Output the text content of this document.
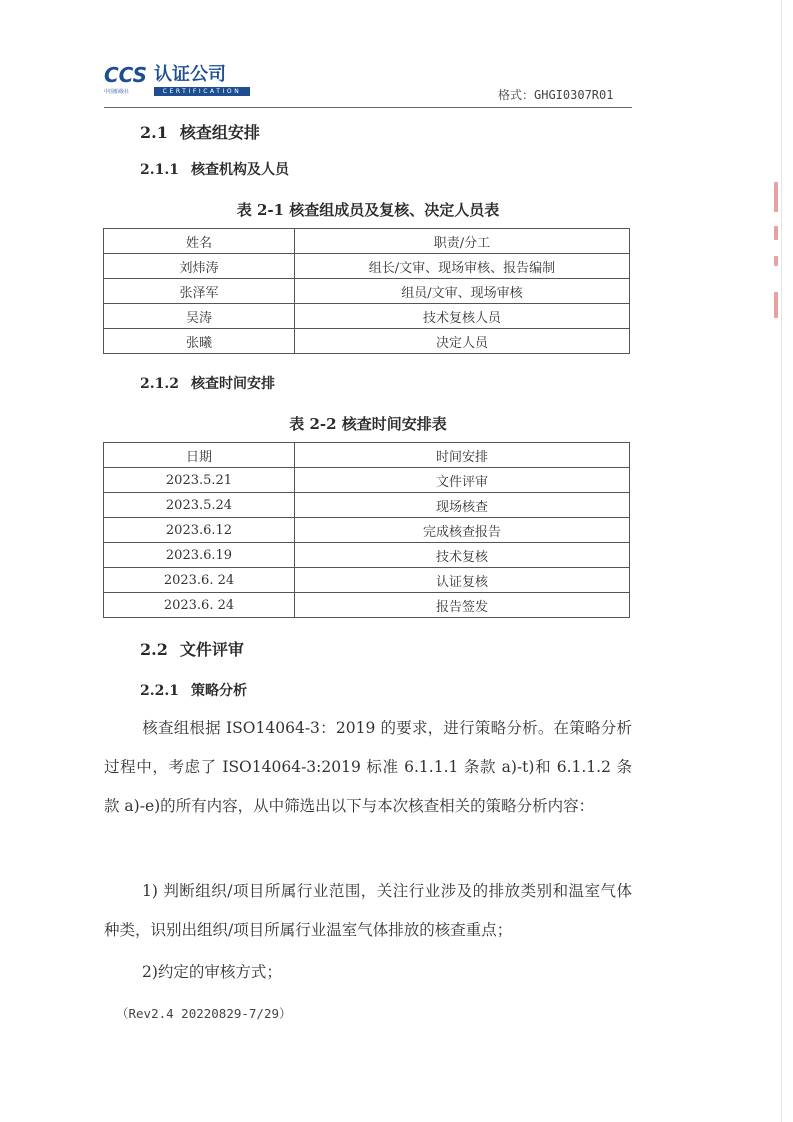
CCS 认证公司
中国船级社	CERTIFICATION	格式：GHGI0307R01
2.1 核查组安排
2.1.1 核查机构及人员
表 2-1 核查组成员及复核、决定人员表
姓名	职责/分工
刘炜涛	组长/文审、现场审核、报告编制
张泽军	组员/文审、现场审核
吴涛	技术复核人员
张曦	决定人员
2.1.2 核查时间安排
表 2-2 核查时间安排表
日期	时间安排
2023.5.21	文件评审
2023.5.24	现场核查
2023.6.12	完成核查报告
2023.6.19	技术复核
2023.6. 24	认证复核
2023.6. 24	报告签发
2.2 文件评审
2.2.1 策略分析
核查组根据 ISO14064-3：2019 的要求，进行策略分析。在策略分析过程中，考虑了 ISO14064-3:2019 标准 6.1.1.1 条款 a)-t)和 6.1.1.2 条款 a)-e)的所有内容，从中筛选出以下与本次核查相关的策略分析内容：
1) 判断组织/项目所属行业范围，关注行业涉及的排放类别和温室气体种类，识别出组织/项目所属行业温室气体排放的核查重点；
2)约定的审核方式；
（Rev2.4 20220829-7/29）
